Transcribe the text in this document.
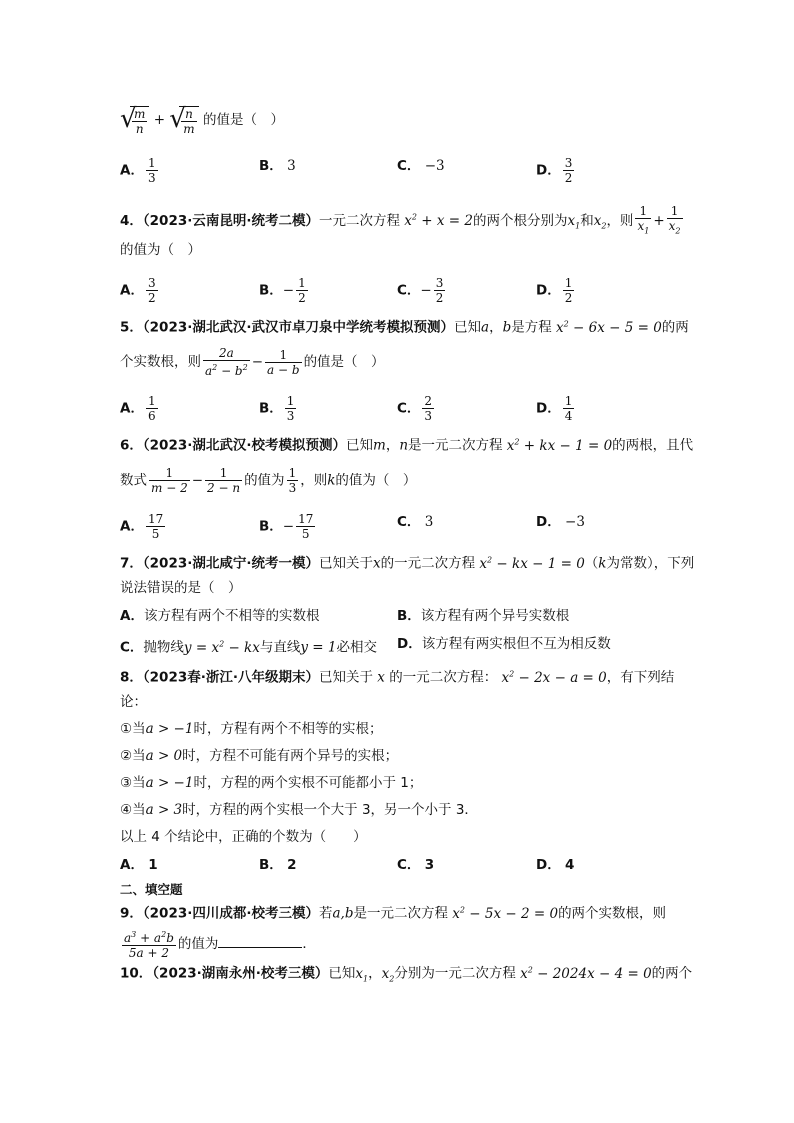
√
$\frac{m}{n}$ + √
$\frac{n}{m}$ 的值是（　）
A． $\frac{1}{3}$	B． 3	C． −3	D． $\frac{3}{2}$
4．（2023·云南昆明·统考二模）一元二次方程 $x^2 + x = 2$的两个根分别为$x_1$和$x_2$，则 $\frac{1}{x_1} + \frac{1}{x_2}$
的值为（　）
A． $\frac{3}{2}$	B．− $\frac{1}{2}$	C．− $\frac{3}{2}$	D． $\frac{1}{2}$
5．（2023·湖北武汉·武汉市卓刀泉中学统考模拟预测）已知a，b是方程 $x^2 - 6x - 5 = 0$的两
个实数根，则 $\frac{2a}{a^2 - b^2} - \frac{1}{a - b}$ 的值是（　）
A． $\frac{1}{6}$	B． $\frac{1}{3}$	C． $\frac{2}{3}$	D． $\frac{1}{4}$
6．（2023·湖北武汉·校考模拟预测）已知m，n是一元二次方程 $x^2$ + kx − 1 = 0的两根，且代
数式 $\frac{1}{m - 2} - \frac{1}{2 - n}$ 的值为 $\frac{1}{3}$ ，则k的值为（　）
A． $\frac{17}{5}$	B．− $\frac{17}{5}$	C． 3	D． −3
7．（2023·湖北咸宁·统考一模）已知关于x的一元二次方程 $x^2$ − kx − 1 = 0（k为常数），下列
说法错误的是（　）
A．该方程有两个不相等的实数根	B．该方程有两个异号实数根
C．抛物线$y = x^2$ − kx与直线y = 1必相交 D．该方程有两实根但不互为相反数
8．（2023春·浙江·八年级期末）已知关于 x 的一元二次方程： $x^2 - 2x - a = 0$，有下列结
论：
①当a > −1时，方程有两个不相等的实根；
②当a > 0时，方程不可能有两个异号的实根；
③当a > −1时，方程的两个实根不可能都小于 1；
④当a > 3时，方程的两个实根一个大于 3，另一个小于 3．
以上 4 个结论中，正确的个数为（　　）
A． 1	B． 2	C． 3	D． 4
二、填空题
9．（2023·四川成都·校考三模）若a,b是一元二次方程 $x^2 - 5x - 2 = 0$的两个实数根，则
$\frac{a^3 + a^2b}{5a + 2}$ 的值为	．
10．（2023·湖南永州·校考三模）已知$x_1$，$x_2$分别为一元二次方程 $x^2 - 2024x - 4 = 0$的两个
